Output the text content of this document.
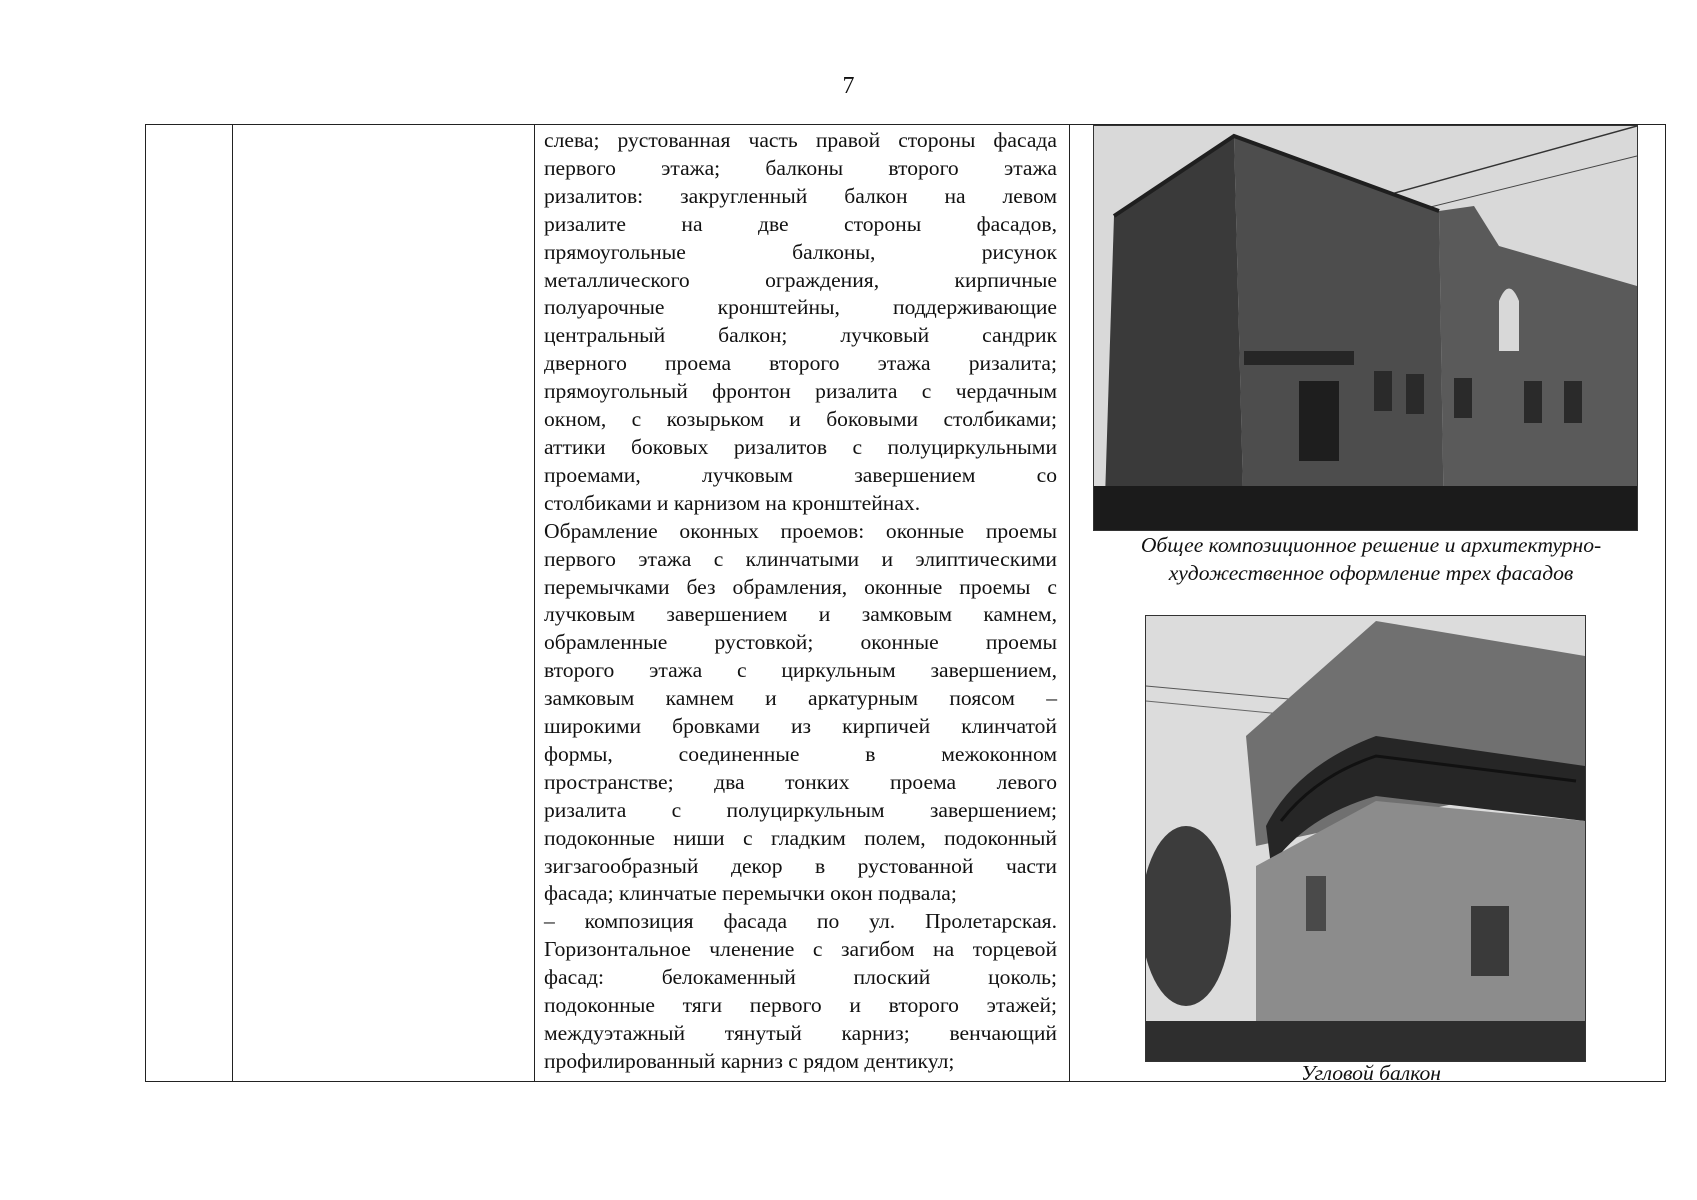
7

слева; рустованная часть правой стороны фасада

первого этажа; балконы второго этажа

ризалитов: закругленный балкон на левом

ризалите на две стороны фасадов,

прямоугольные балконы, рисунок

металлического ограждения, кирпичные

полуарочные кронштейны, поддерживающие

центральный балкон; лучковый сандрик

дверного проема второго этажа ризалита;

прямоугольный фронтон ризалита с чердачным

окном, с козырьком и боковыми столбиками;

аттики боковых ризалитов с полуциркульными

проемами, лучковым завершением со

столбиками и карнизом на кронштейнах.

Обрамление оконных проемов: оконные проемы

первого этажа с клинчатыми и элиптическими

перемычками без обрамления, оконные проемы с

лучковым завершением и замковым камнем,

обрамленные рустовкой; оконные проемы

второго этажа с циркульным завершением,

замковым камнем и аркатурным поясом –

широкими бровками из кирпичей клинчатой

формы, соединенные в межоконном

пространстве; два тонких проема левого

ризалита с полуциркульным завершением;

подоконные ниши с гладким полем, подоконный

зигзагообразный декор в рустованной части

фасада; клинчатые перемычки окон подвала;

– композиция фасада по ул. Пролетарская.

Горизонтальное членение с загибом на торцевой

фасад: белокаменный плоский цоколь;

подоконные тяги первого и второго этажей;

междуэтажный тянутый карниз; венчающий

профилированный карниз с рядом дентикул;

Общее композиционное решение и архитектурно-художественное оформление трех фасадов
Угловой балкон
